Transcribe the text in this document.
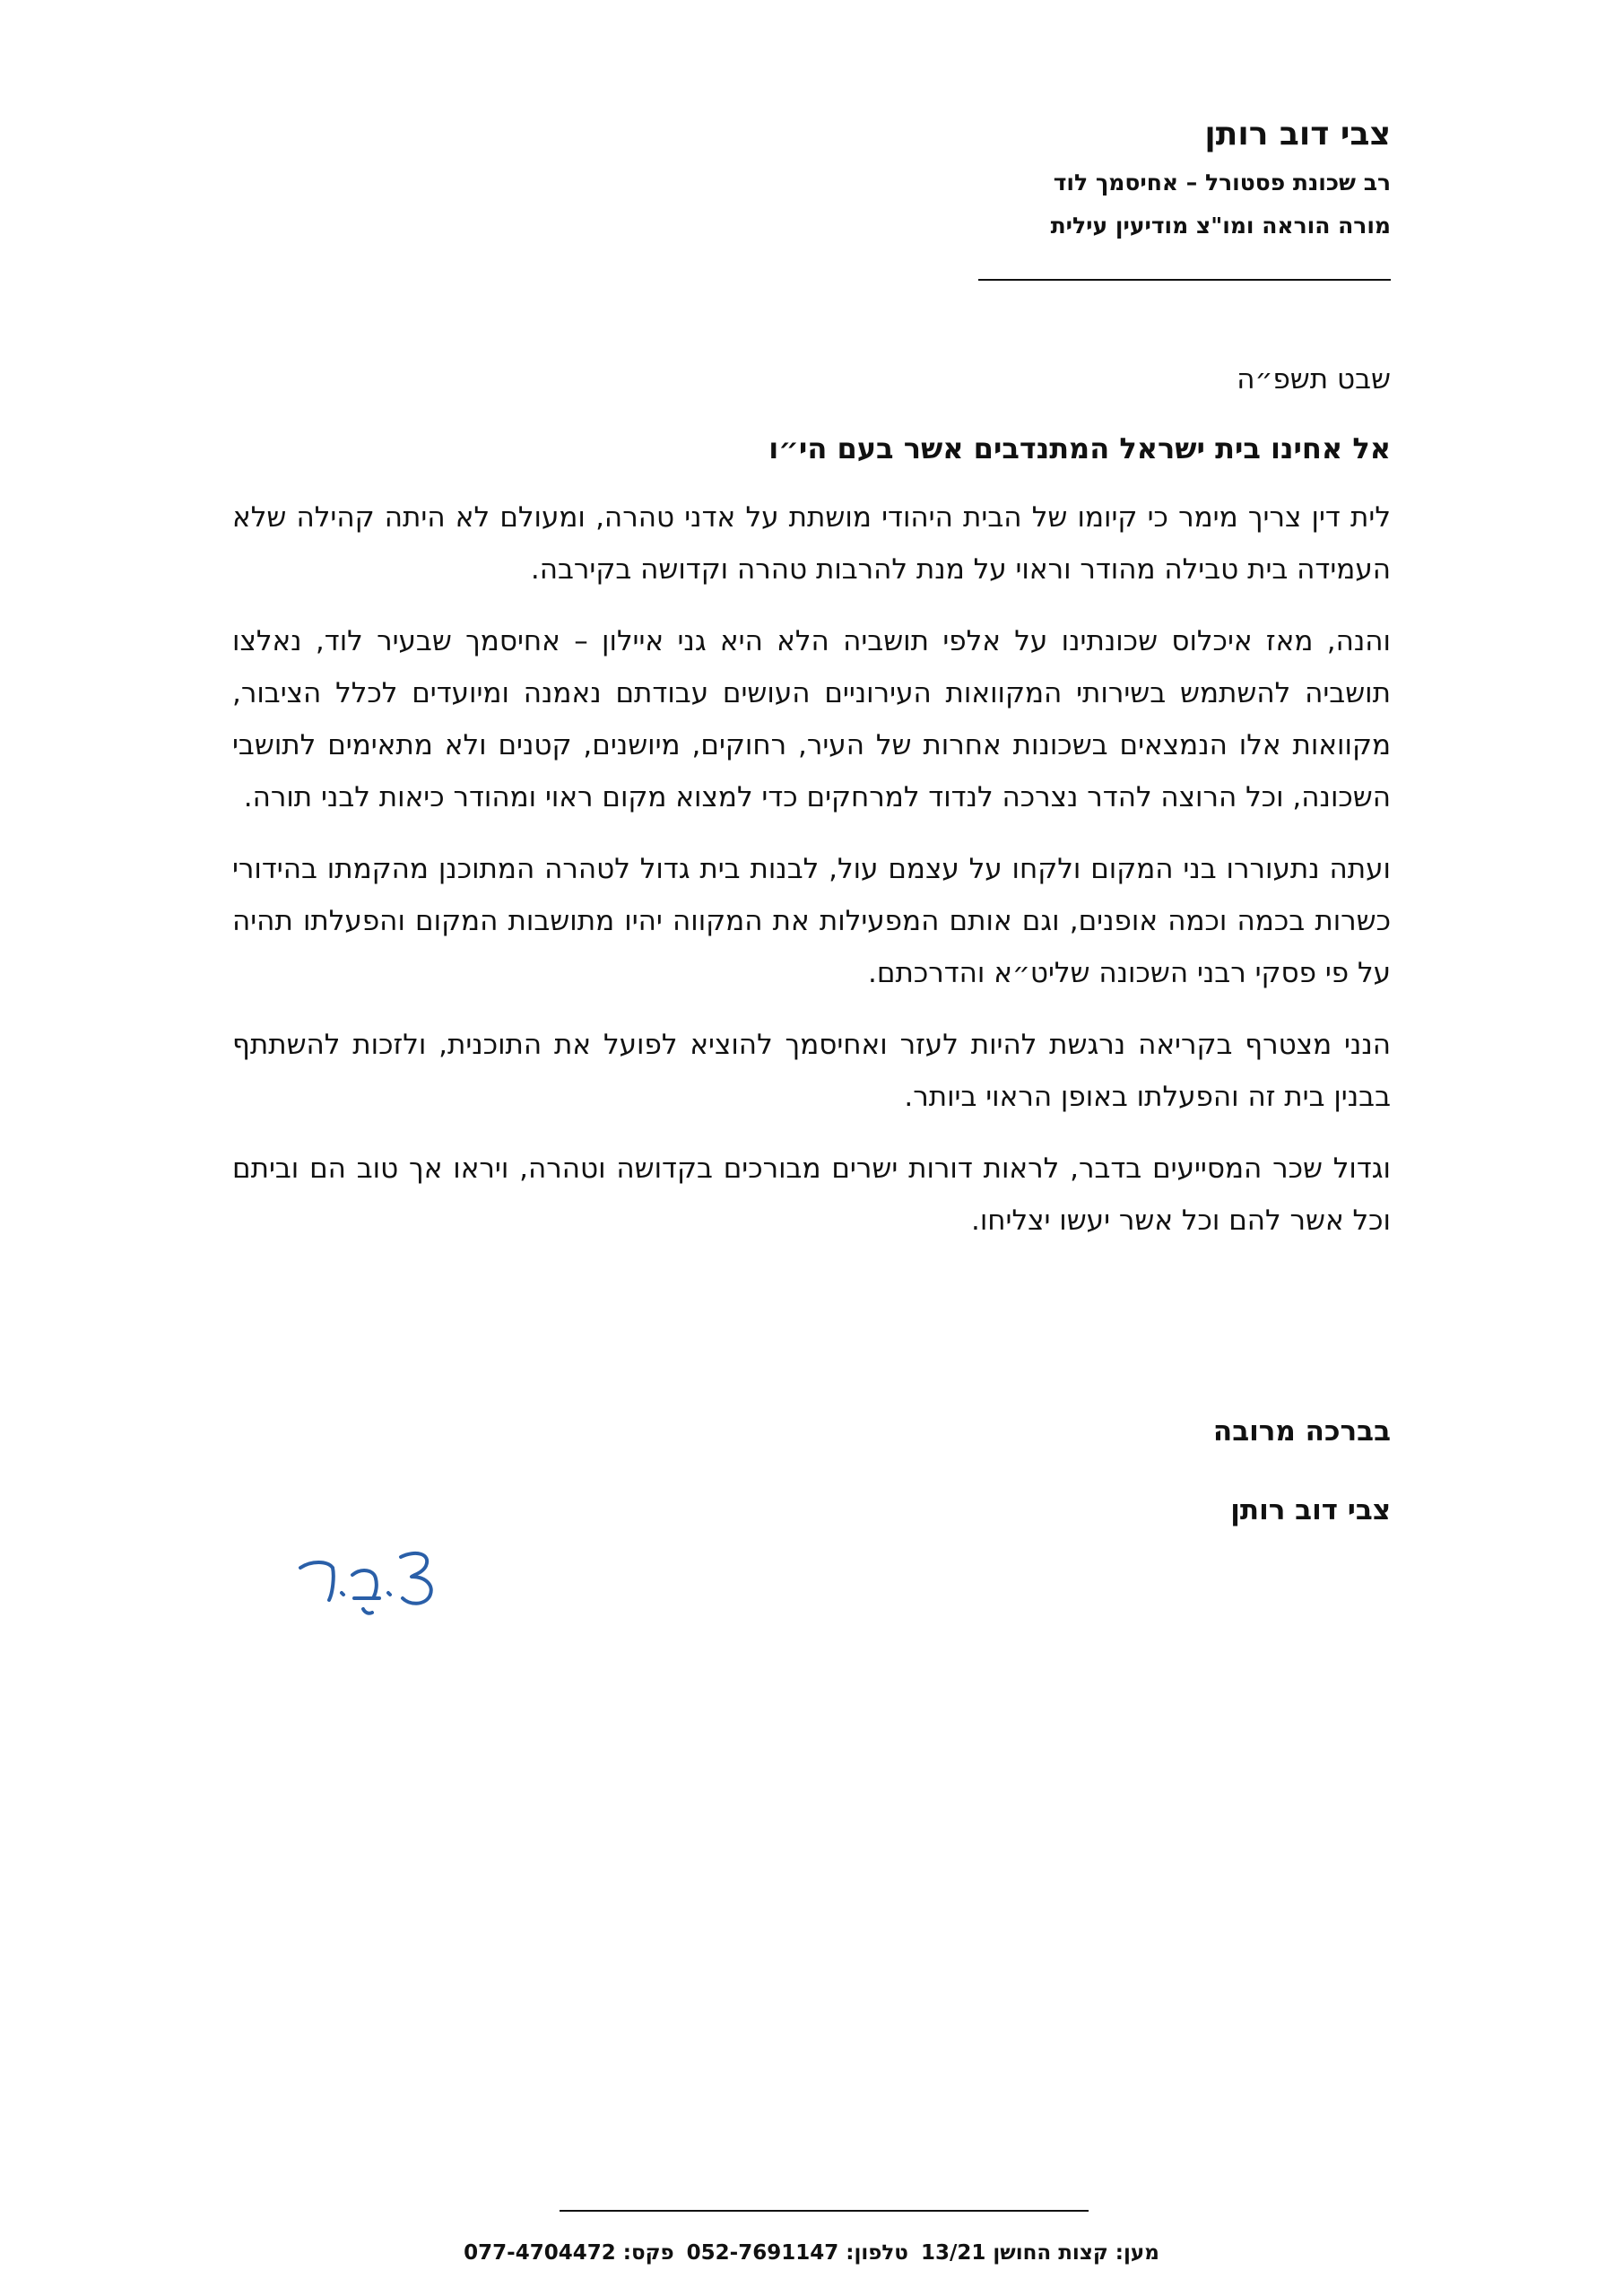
צבי דוב רותן

רב שכונת פסטורל – אחיסמך לוד

מורה הוראה ומו"צ מודיעין עילית

שבט תשפ״ה

אל אחינו בית ישראל המתנדבים אשר בעם הי״ו

לית דין צריך מימר כי קיומו של הבית היהודי מושתת על אדני טהרה, ומעולם לא היתה קהילה שלא העמידה בית טבילה מהודר וראוי על מנת להרבות טהרה וקדושה בקירבה.

והנה, מאז איכלוס שכונתינו על אלפי תושביה הלא היא גני איילון – אחיסמך שבעיר לוד, נאלצו תושביה להשתמש בשירותי המקוואות העירוניים העושים עבודתם נאמנה ומיועדים לכלל הציבור, מקוואות אלו הנמצאים בשכונות אחרות של העיר, רחוקים, מיושנים, קטנים ולא מתאימים לתושבי השכונה, וכל הרוצה להדר נצרכה לנדוד למרחקים כדי למצוא מקום ראוי ומהודר כיאות לבני תורה.

ועתה נתעוררו בני המקום ולקחו על עצמם עול, לבנות בית גדול לטהרה המתוכנן מהקמתו בהידורי כשרות בכמה וכמה אופנים, וגם אותם המפעילות את המקווה יהיו מתושבות המקום והפעלתו תהיה על פי פסקי רבני השכונה שליט״א והדרכתם.

הנני מצטרף בקריאה נרגשת להיות לעזר ואחיסמך להוציא לפועל את התוכנית, ולזכות להשתתף בבנין בית זה והפעלתו באופן הראוי ביותר.

וגדול שכר המסייעים בדבר, לראות דורות ישרים מבורכים בקדושה וטהרה, ויראו אך טוב הם וביתם וכל אשר להם וכל אשר יעשו יצליחו.

בברכה מרובה

צבי דוב רותן

מען: קצות החושן 13/21 טלפון: 052-7691147 פקס: 077-4704472
